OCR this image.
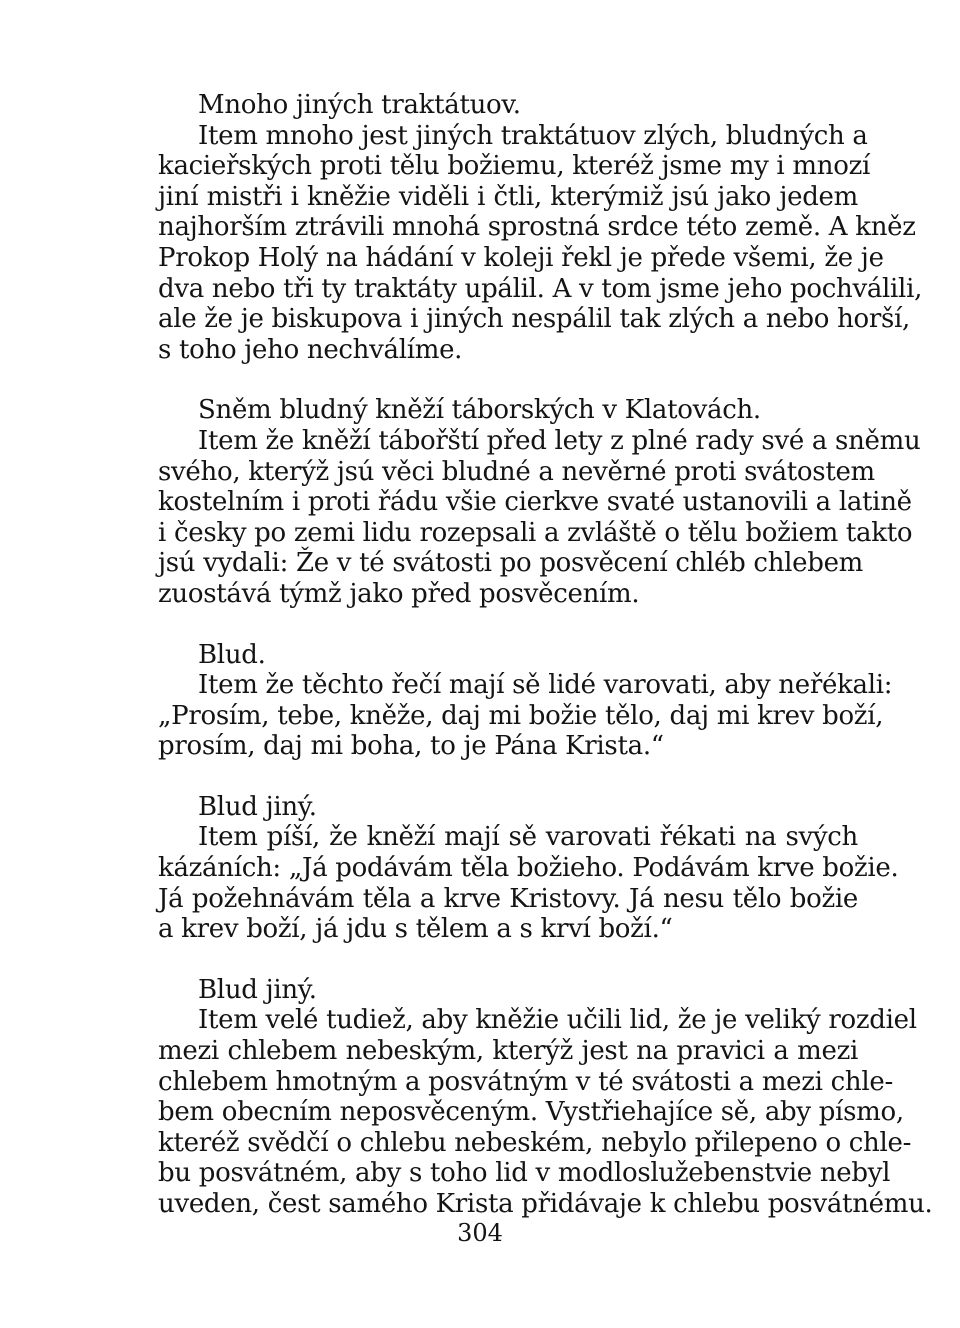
Mnoho jiných traktátuov.
Item mnoho jest jiných traktátuov zlých, bludných a
kacieřských proti tělu božiemu, kteréž jsme my i mnozí
jiní mistři i kněžie viděli i čtli, kterýmiž jsú jako jedem
najhorším ztrávili mnohá sprostná srdce této země. A kněz
Prokop Holý na hádání v koleji řekl je přede všemi, že je
dva nebo tři ty traktáty upálil. A v tom jsme jeho pochválili,
ale že je biskupova i jiných nespálil tak zlých a nebo horší,
s toho jeho nechválíme.
Sněm bludný kněží táborských v Klatovách.
Item že kněží tábořští před lety z plné rady své a sněmu
svého, kterýž jsú věci bludné a nevěrné proti svátostem
kostelním i proti řádu všie cierkve svaté ustanovili a latině
i česky po zemi lidu rozepsali a zvláště o tělu božiem takto
jsú vydali: Že v té svátosti po posvěcení chléb chlebem
zuostává týmž jako před posvěcením.
Blud.
Item že těchto řečí mají sě lidé varovati, aby neřékali:
„Prosím, tebe, kněže, daj mi božie tělo, daj mi krev boží,
prosím, daj mi boha, to je Pána Krista.“
Blud jiný.
Item píší, že kněží mají sě varovati řékati na svých
kázáních: „Já podávám těla božieho. Podávám krve božie.
Já požehnávám těla a krve Kristovy. Já nesu tělo božie
a krev boží, já jdu s tělem a s krví boží.“
Blud jiný.
Item velé tudiež, aby kněžie učili lid, že je veliký rozdiel
mezi chlebem nebeským, kterýž jest na pravici a mezi
chlebem hmotným a posvátným v té svátosti a mezi chle-
bem obecním neposvěceným. Vystřiehajíce sě, aby písmo,
kteréž svědčí o chlebu nebeském, nebylo přilepeno o chle-
bu posvátném, aby s toho lid v modloslužebenstvie nebyl
uveden, čest samého Krista přidávaje k chlebu posvátnému.
304
